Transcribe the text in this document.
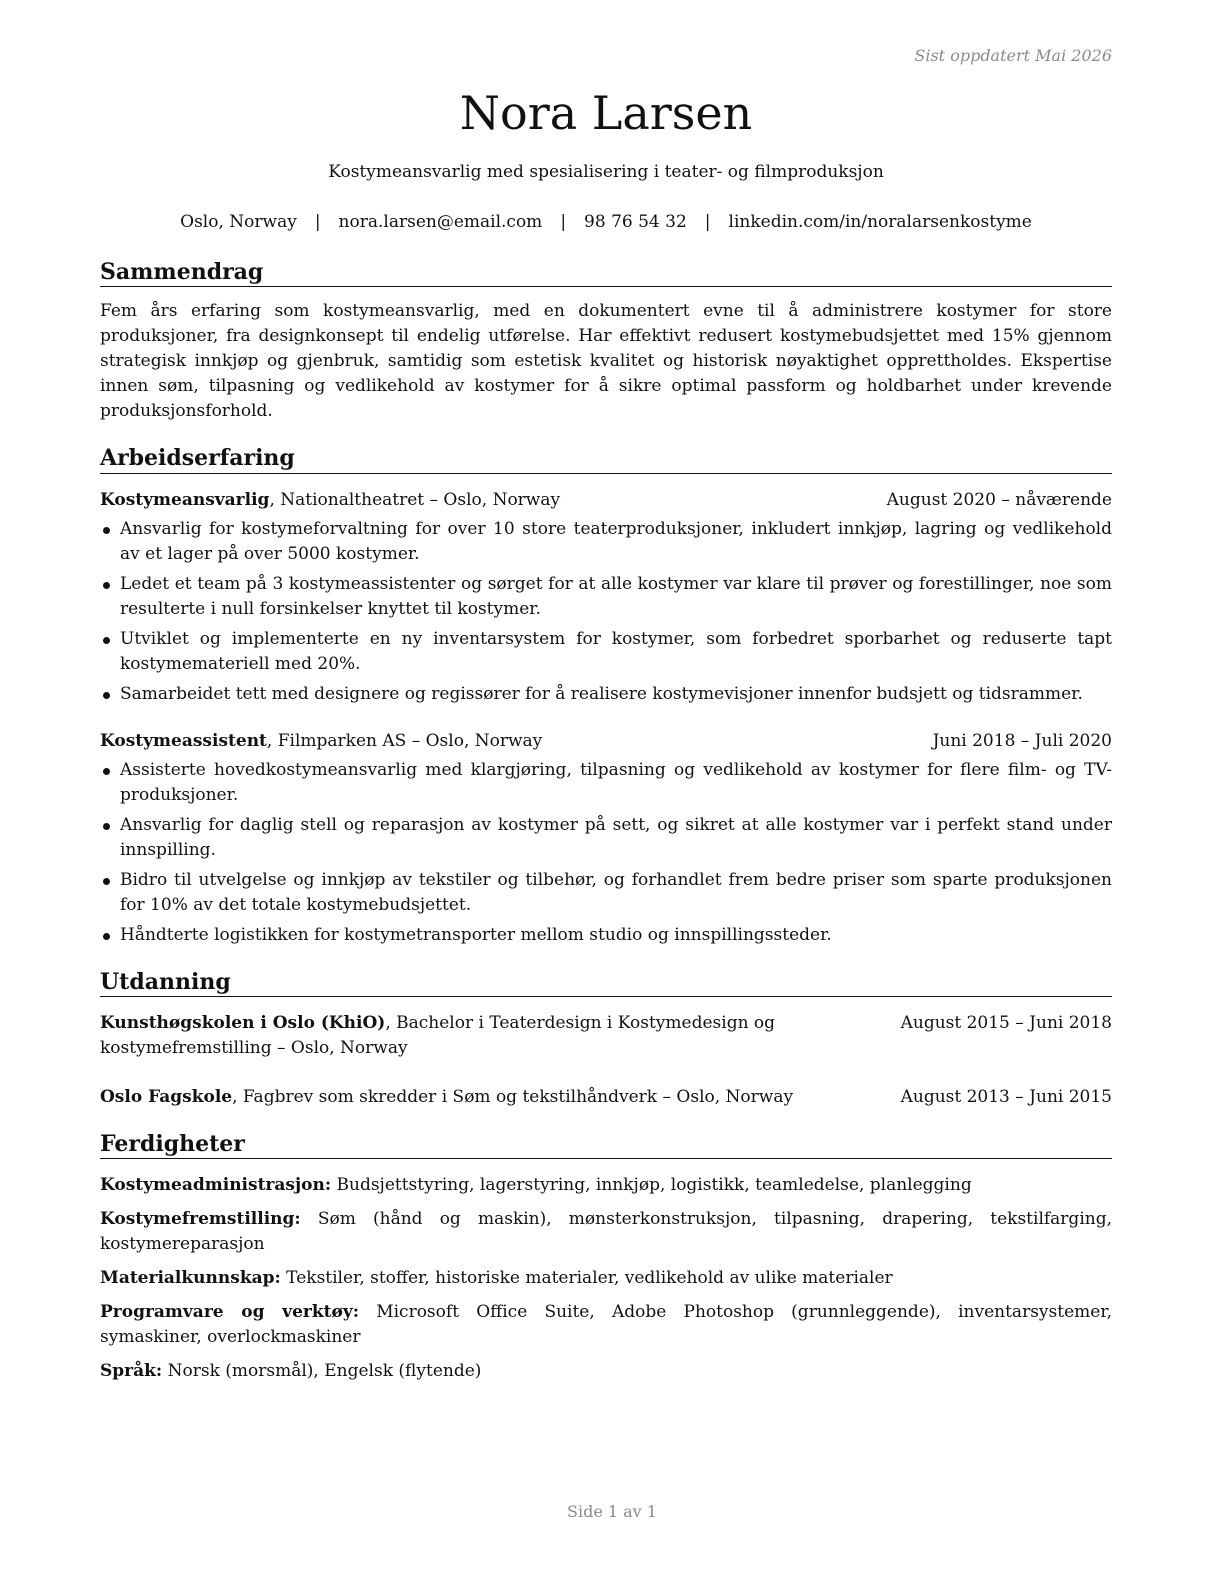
Sist oppdatert Mai 2026
Nora Larsen
Kostymeansvarlig med spesialisering i teater- og filmproduksjon
Oslo, Norway | nora.larsen@email.com | 98 76 54 32 | linkedin.com/in/noralarsenkostyme
Sammendrag

Fem års erfaring som kostymeansvarlig, med en dokumentert evne til å administrere kostymer for store produksjoner, fra designkonsept til endelig utførelse. Har effektivt redusert kostymebudsjettet med 15% gjennom strategisk innkjøp og gjenbruk, samtidig som estetisk kvalitet og historisk nøyaktighet opprettholdes. Ekspertise innen søm, tilpasning og vedlikehold av kostymer for å sikre optimal passform og holdbarhet under krevende produksjonsforhold.

Arbeidserfaring
Kostymeansvarlig, Nationaltheatret – Oslo, Norway	August 2020 – nåværende
Ansvarlig for kostymeforvaltning for over 10 store teaterproduksjoner, inkludert innkjøp, lagring og vedlikehold av et lager på over 5000 kostymer.
Ledet et team på 3 kostymeassistenter og sørget for at alle kostymer var klare til prøver og forestillinger, noe som resulterte i null forsinkelser knyttet til kostymer.
Utviklet og implementerte en ny inventarsystem for kostymer, som forbedret sporbarhet og reduserte tapt kostymemateriell med 20%.
Samarbeidet tett med designere og regissører for å realisere kostymevisjoner innenfor budsjett og tidsrammer.
Kostymeassistent, Filmparken AS – Oslo, Norway	Juni 2018 – Juli 2020
Assisterte hovedkostymeansvarlig med klargjøring, tilpasning og vedlikehold av kostymer for flere film- og TV-produksjoner.
Ansvarlig for daglig stell og reparasjon av kostymer på sett, og sikret at alle kostymer var i perfekt stand under innspilling.
Bidro til utvelgelse og innkjøp av tekstiler og tilbehør, og forhandlet frem bedre priser som sparte produksjonen for 10% av det totale kostymebudsjettet.
Håndterte logistikken for kostymetransporter mellom studio og innspillingssteder.
Utdanning
Kunsthøgskolen i Oslo (KhiO), Bachelor i Teaterdesign i Kostymedesign og kostymefremstilling – Oslo, Norway
August 2015 – Juni 2018
Oslo Fagskole, Fagbrev som skredder i Søm og tekstilhåndverk – Oslo, Norway	August 2013 – Juni 2015
Ferdigheter
Kostymeadministrasjon: Budsjettstyring, lagerstyring, innkjøp, logistikk, teamledelse, planlegging
Kostymefremstilling: Søm (hånd og maskin), mønsterkonstruksjon, tilpasning, drapering, tekstilfarging, kostymereparasjon
Materialkunnskap: Tekstiler, stoffer, historiske materialer, vedlikehold av ulike materialer
Programvare og verktøy: Microsoft Office Suite, Adobe Photoshop (grunnleggende), inventarsystemer, symaskiner, overlockmaskiner
Språk: Norsk (morsmål), Engelsk (flytende)
Side 1 av 1
